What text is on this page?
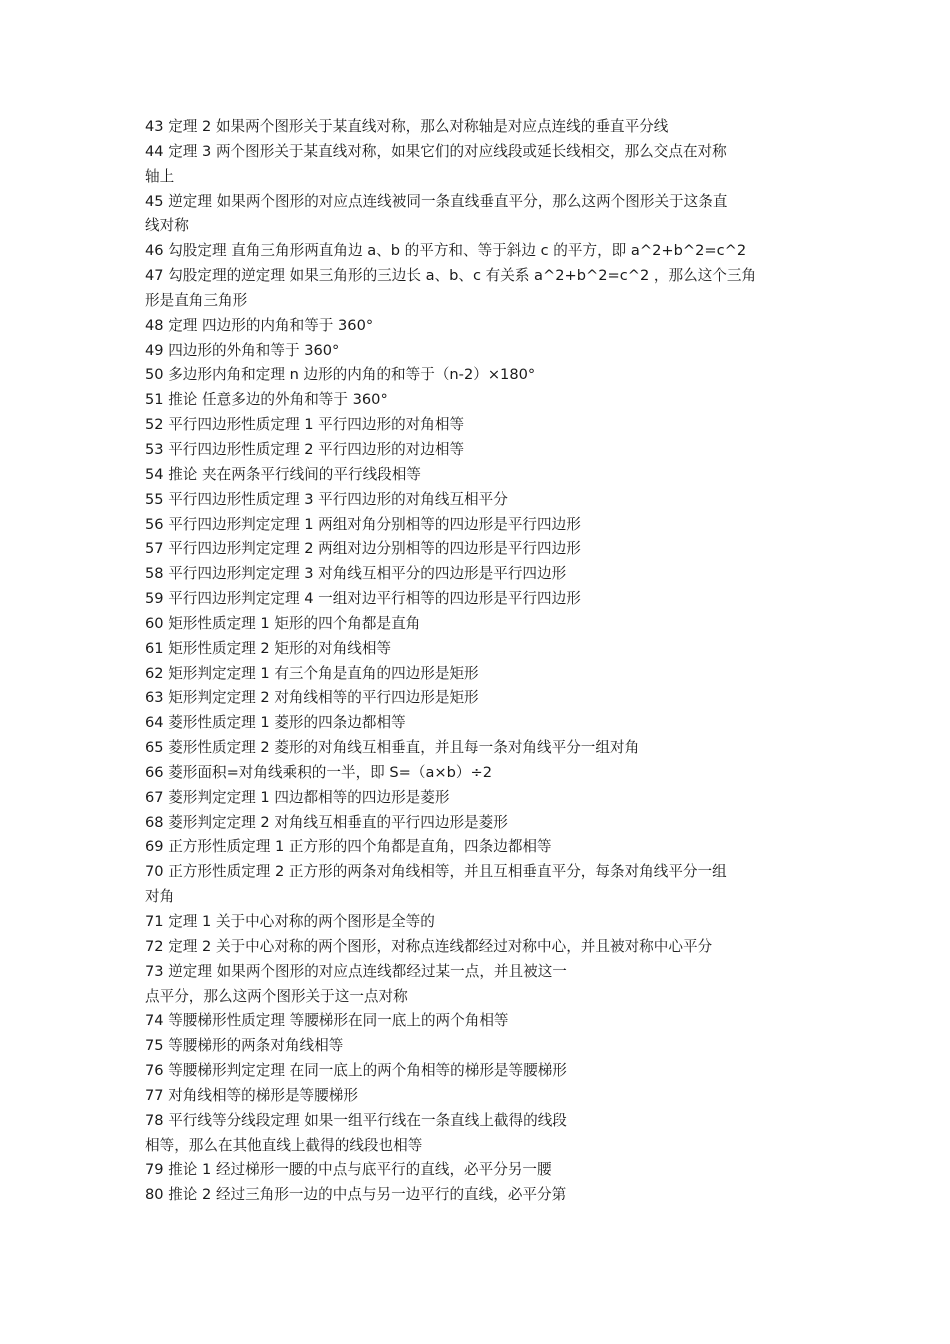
43 定理 2 如果两个图形关于某直线对称，那么对称轴是对应点连线的垂直平分线
44 定理 3 两个图形关于某直线对称，如果它们的对应线段或延长线相交，那么交点在对称
轴上
45 逆定理 如果两个图形的对应点连线被同一条直线垂直平分，那么这两个图形关于这条直
线对称
46 勾股定理 直角三角形两直角边 a、b 的平方和、等于斜边 c 的平方，即 a^2+b^2=c^2
47 勾股定理的逆定理 如果三角形的三边长 a、b、c 有关系 a^2+b^2=c^2 ，那么这个三角
形是直角三角形
48 定理 四边形的内角和等于 360°
49 四边形的外角和等于 360°
50 多边形内角和定理 n 边形的内角的和等于（n-2）×180°
51 推论 任意多边的外角和等于 360°
52 平行四边形性质定理 1 平行四边形的对角相等
53 平行四边形性质定理 2 平行四边形的对边相等
54 推论 夹在两条平行线间的平行线段相等
55 平行四边形性质定理 3 平行四边形的对角线互相平分
56 平行四边形判定定理 1 两组对角分别相等的四边形是平行四边形
57 平行四边形判定定理 2 两组对边分别相等的四边形是平行四边形
58 平行四边形判定定理 3 对角线互相平分的四边形是平行四边形
59 平行四边形判定定理 4 一组对边平行相等的四边形是平行四边形
60 矩形性质定理 1 矩形的四个角都是直角
61 矩形性质定理 2 矩形的对角线相等
62 矩形判定定理 1 有三个角是直角的四边形是矩形
63 矩形判定定理 2 对角线相等的平行四边形是矩形
64 菱形性质定理 1 菱形的四条边都相等
65 菱形性质定理 2 菱形的对角线互相垂直，并且每一条对角线平分一组对角
66 菱形面积=对角线乘积的一半，即 S=（a×b）÷2
67 菱形判定定理 1 四边都相等的四边形是菱形
68 菱形判定定理 2 对角线互相垂直的平行四边形是菱形
69 正方形性质定理 1 正方形的四个角都是直角，四条边都相等
70 正方形性质定理 2 正方形的两条对角线相等，并且互相垂直平分，每条对角线平分一组
对角
71 定理 1 关于中心对称的两个图形是全等的
72 定理 2 关于中心对称的两个图形，对称点连线都经过对称中心，并且被对称中心平分
73 逆定理 如果两个图形的对应点连线都经过某一点，并且被这一
点平分，那么这两个图形关于这一点对称
74 等腰梯形性质定理 等腰梯形在同一底上的两个角相等
75 等腰梯形的两条对角线相等
76 等腰梯形判定定理 在同一底上的两个角相等的梯形是等腰梯形
77 对角线相等的梯形是等腰梯形
78 平行线等分线段定理 如果一组平行线在一条直线上截得的线段
相等，那么在其他直线上截得的线段也相等
79 推论 1 经过梯形一腰的中点与底平行的直线，必平分另一腰
80 推论 2 经过三角形一边的中点与另一边平行的直线，必平分第
